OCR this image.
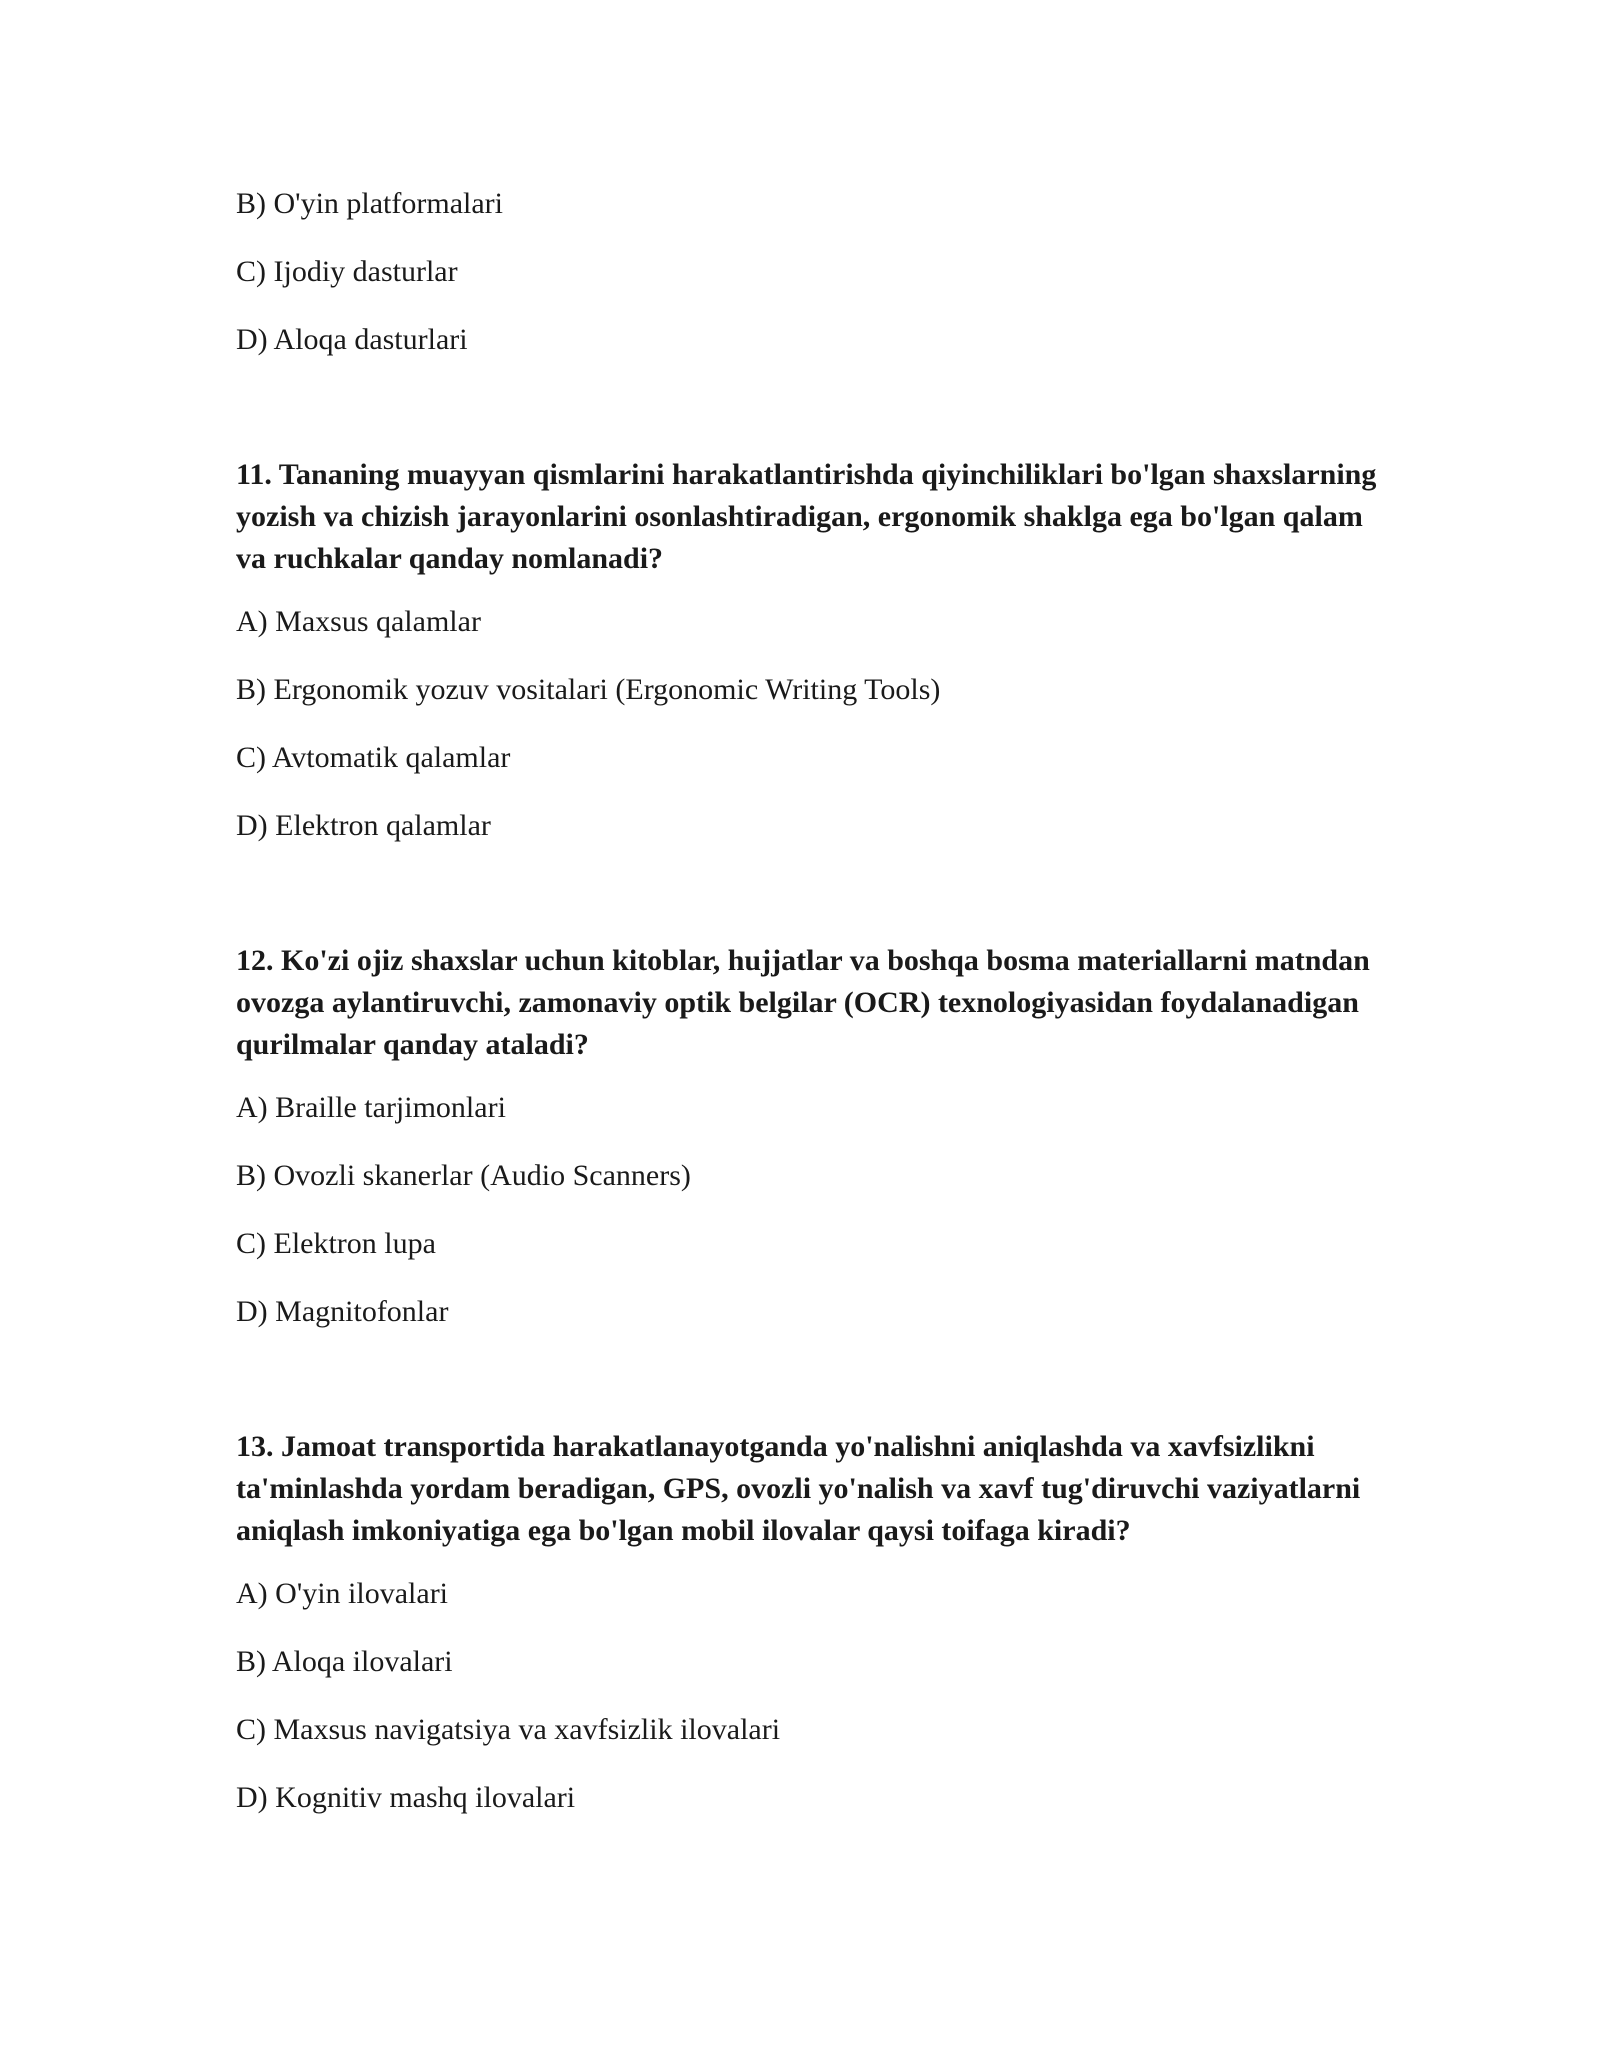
B) O'yin platformalari

C) Ijodiy dasturlar

D) Aloqa dasturlari

11. Tananing muayyan qismlarini harakatlantirishda qiyinchiliklari bo'lgan shaxslarning yozish va chizish jarayonlarini osonlashtiradigan, ergonomik shaklga ega bo'lgan qalam va ruchkalar qanday nomlanadi?

A) Maxsus qalamlar

B) Ergonomik yozuv vositalari (Ergonomic Writing Tools)

C) Avtomatik qalamlar

D) Elektron qalamlar

12. Ko'zi ojiz shaxslar uchun kitoblar, hujjatlar va boshqa bosma materiallarni matndan ovozga aylantiruvchi, zamonaviy optik belgilar (OCR) texnologiyasidan foydalanadigan qurilmalar qanday ataladi?

A) Braille tarjimonlari

B) Ovozli skanerlar (Audio Scanners)

C) Elektron lupa

D) Magnitofonlar

13. Jamoat transportida harakatlanayotganda yo'nalishni aniqlashda va xavfsizlikni ta'minlashda yordam beradigan, GPS, ovozli yo'nalish va xavf tug'diruvchi vaziyatlarni aniqlash imkoniyatiga ega bo'lgan mobil ilovalar qaysi toifaga kiradi?

A) O'yin ilovalari

B) Aloqa ilovalari

C) Maxsus navigatsiya va xavfsizlik ilovalari

D) Kognitiv mashq ilovalari
